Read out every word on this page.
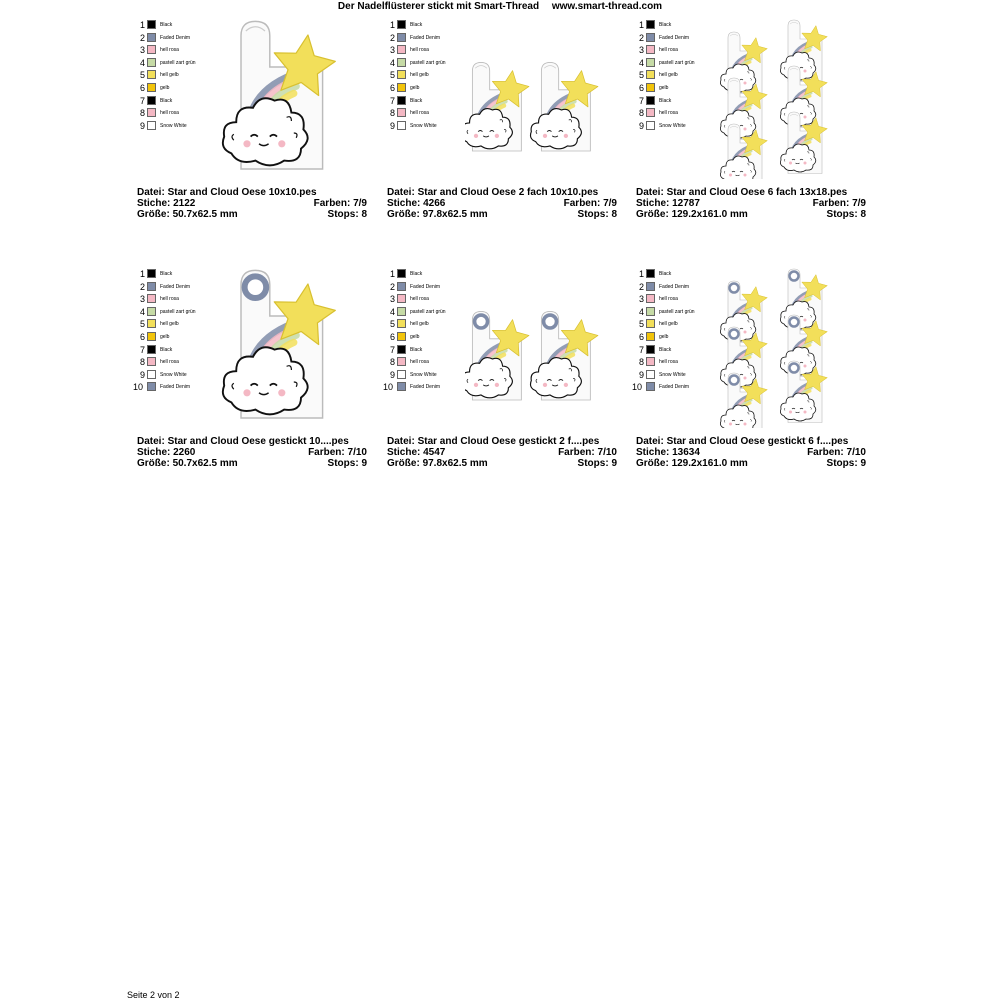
Der Nadelflüsterer stickt mit Smart-Thread www.smart-thread.com
1	Black
2	Faded Denim
3	hell rosa
4	pastell zart grün
5	hell gelb
6	gelb
7	Black
8	hell rosa
9	Snow White
Datei: Star and Cloud Oese 10x10.pes
Stiche: 2122	Farben: 7/9
Größe: 50.7x62.5 mm	Stops: 8
1	Black
2	Faded Denim
3	hell rosa
4	pastell zart grün
5	hell gelb
6	gelb
7	Black
8	hell rosa
9	Snow White
Datei: Star and Cloud Oese 2 fach 10x10.pes
Stiche: 4266	Farben: 7/9
Größe: 97.8x62.5 mm	Stops: 8
1	Black
2	Faded Denim
3	hell rosa
4	pastell zart grün
5	hell gelb
6	gelb
7	Black
8	hell rosa
9	Snow White
Datei: Star and Cloud Oese 6 fach 13x18.pes
Stiche: 12787	Farben: 7/9
Größe: 129.2x161.0 mm	Stops: 8
1	Black
2	Faded Denim
3	hell rosa
4	pastell zart grün
5	hell gelb
6	gelb
7	Black
8	hell rosa
9	Snow White
10	Faded Denim
Datei: Star and Cloud Oese gestickt 10....pes
Stiche: 2260	Farben: 7/10
Größe: 50.7x62.5 mm	Stops: 9
1	Black
2	Faded Denim
3	hell rosa
4	pastell zart grün
5	hell gelb
6	gelb
7	Black
8	hell rosa
9	Snow White
10	Faded Denim
Datei: Star and Cloud Oese gestickt 2 f....pes
Stiche: 4547	Farben: 7/10
Größe: 97.8x62.5 mm	Stops: 9
1	Black
2	Faded Denim
3	hell rosa
4	pastell zart grün
5	hell gelb
6	gelb
7	Black
8	hell rosa
9	Snow White
10	Faded Denim
Datei: Star and Cloud Oese gestickt 6 f....pes
Stiche: 13634	Farben: 7/10
Größe: 129.2x161.0 mm	Stops: 9
Seite 2 von 2
